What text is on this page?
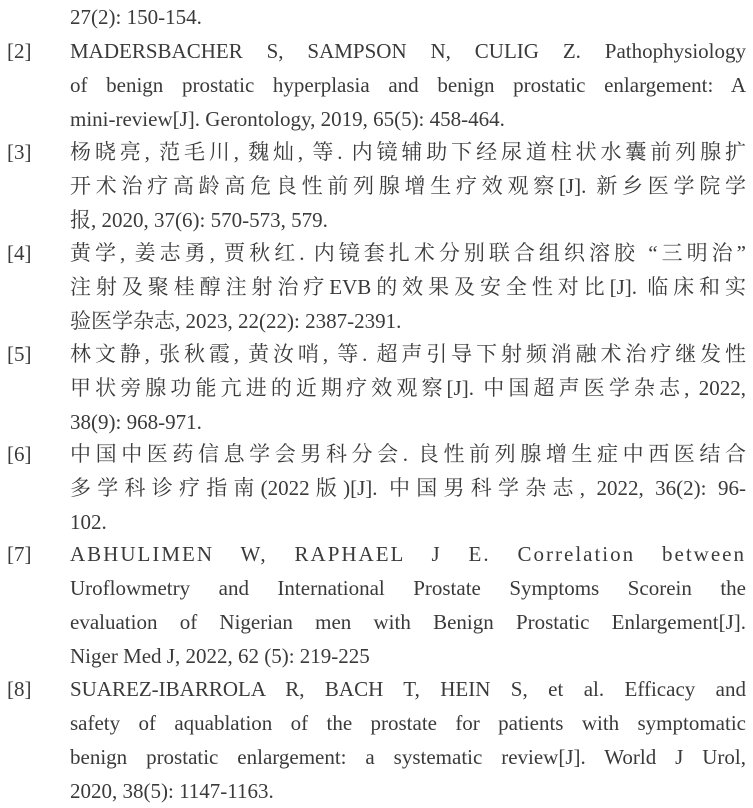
27(2): 150-154.
[2] MADERSBACHER S, SAMPSON N, CULIG Z. Pathophysiology
of benign prostatic hyperplasia and benign prostatic enlargement: A
mini-review[J]. Gerontology, 2019, 65(5): 458-464.
[3] 杨晓亮, 范毛川, 魏灿, 等. 内镜辅助下经尿道柱状水囊前列腺扩
开术治疗高龄高危良性前列腺增生疗效观察[J]. 新乡医学院学
报, 2020, 37(6): 570-573, 579.
[4] 黄学, 姜志勇, 贾秋红. 内镜套扎术分别联合组织溶胶 “三明治”
注射及聚桂醇注射治疗EVB的效果及安全性对比[J]. 临床和实
验医学杂志, 2023, 22(22): 2387-2391.
[5] 林文静, 张秋霞, 黄汝哨, 等. 超声引导下射频消融术治疗继发性
甲状旁腺功能亢进的近期疗效观察[J]. 中国超声医学杂志, 2022,
38(9): 968-971.
[6] 中国中医药信息学会男科分会. 良性前列腺增生症中西医结合
多学科诊疗指南(2022版)[J]. 中国男科学杂志, 2022, 36(2): 96-
102.
[7] ABHULIMEN W, RAPHAEL J E. Correlation between
Uroflowmetry and International Prostate Symptoms Scorein the
evaluation of Nigerian men with Benign Prostatic Enlargement[J].
Niger Med J, 2022, 62 (5): 219-225
[8] SUAREZ-IBARROLA R, BACH T, HEIN S, et al. Efficacy and
safety of aquablation of the prostate for patients with symptomatic
benign prostatic enlargement: a systematic review[J]. World J Urol,
2020, 38(5): 1147-1163.
